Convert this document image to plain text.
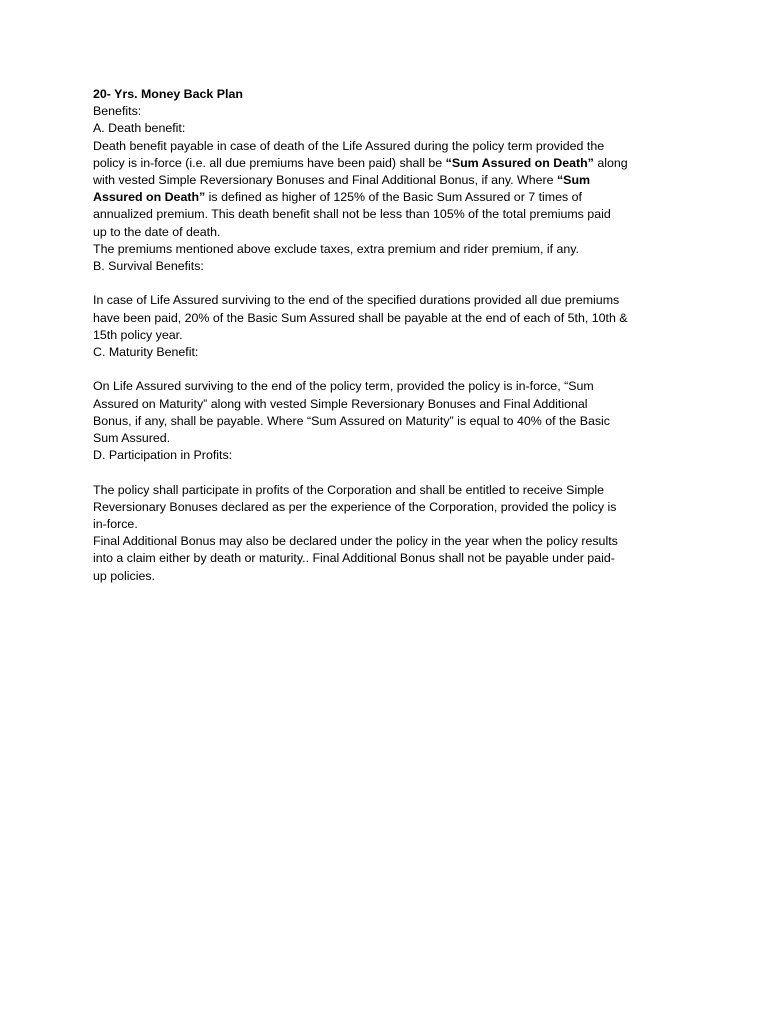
20- Yrs. Money Back Plan
Benefits:
A. Death benefit:
Death benefit payable in case of death of the Life Assured during the policy term provided the
policy is in-force (i.e. all due premiums have been paid) shall be “Sum Assured on Death” along
with vested Simple Reversionary Bonuses and Final Additional Bonus, if any. Where “Sum
Assured on Death” is defined as higher of 125% of the Basic Sum Assured or 7 times of
annualized premium. This death benefit shall not be less than 105% of the total premiums paid
up to the date of death.
The premiums mentioned above exclude taxes, extra premium and rider premium, if any.
B. Survival Benefits:
In case of Life Assured surviving to the end of the specified durations provided all due premiums
have been paid, 20% of the Basic Sum Assured shall be payable at the end of each of 5th, 10th &
15th policy year.
C. Maturity Benefit:
On Life Assured surviving to the end of the policy term, provided the policy is in-force, “Sum
Assured on Maturity” along with vested Simple Reversionary Bonuses and Final Additional
Bonus, if any, shall be payable. Where “Sum Assured on Maturity” is equal to 40% of the Basic
Sum Assured.
D. Participation in Profits:
The policy shall participate in profits of the Corporation and shall be entitled to receive Simple
Reversionary Bonuses declared as per the experience of the Corporation, provided the policy is
in-force.
Final Additional Bonus may also be declared under the policy in the year when the policy results
into a claim either by death or maturity.. Final Additional Bonus shall not be payable under paid-
up policies.
